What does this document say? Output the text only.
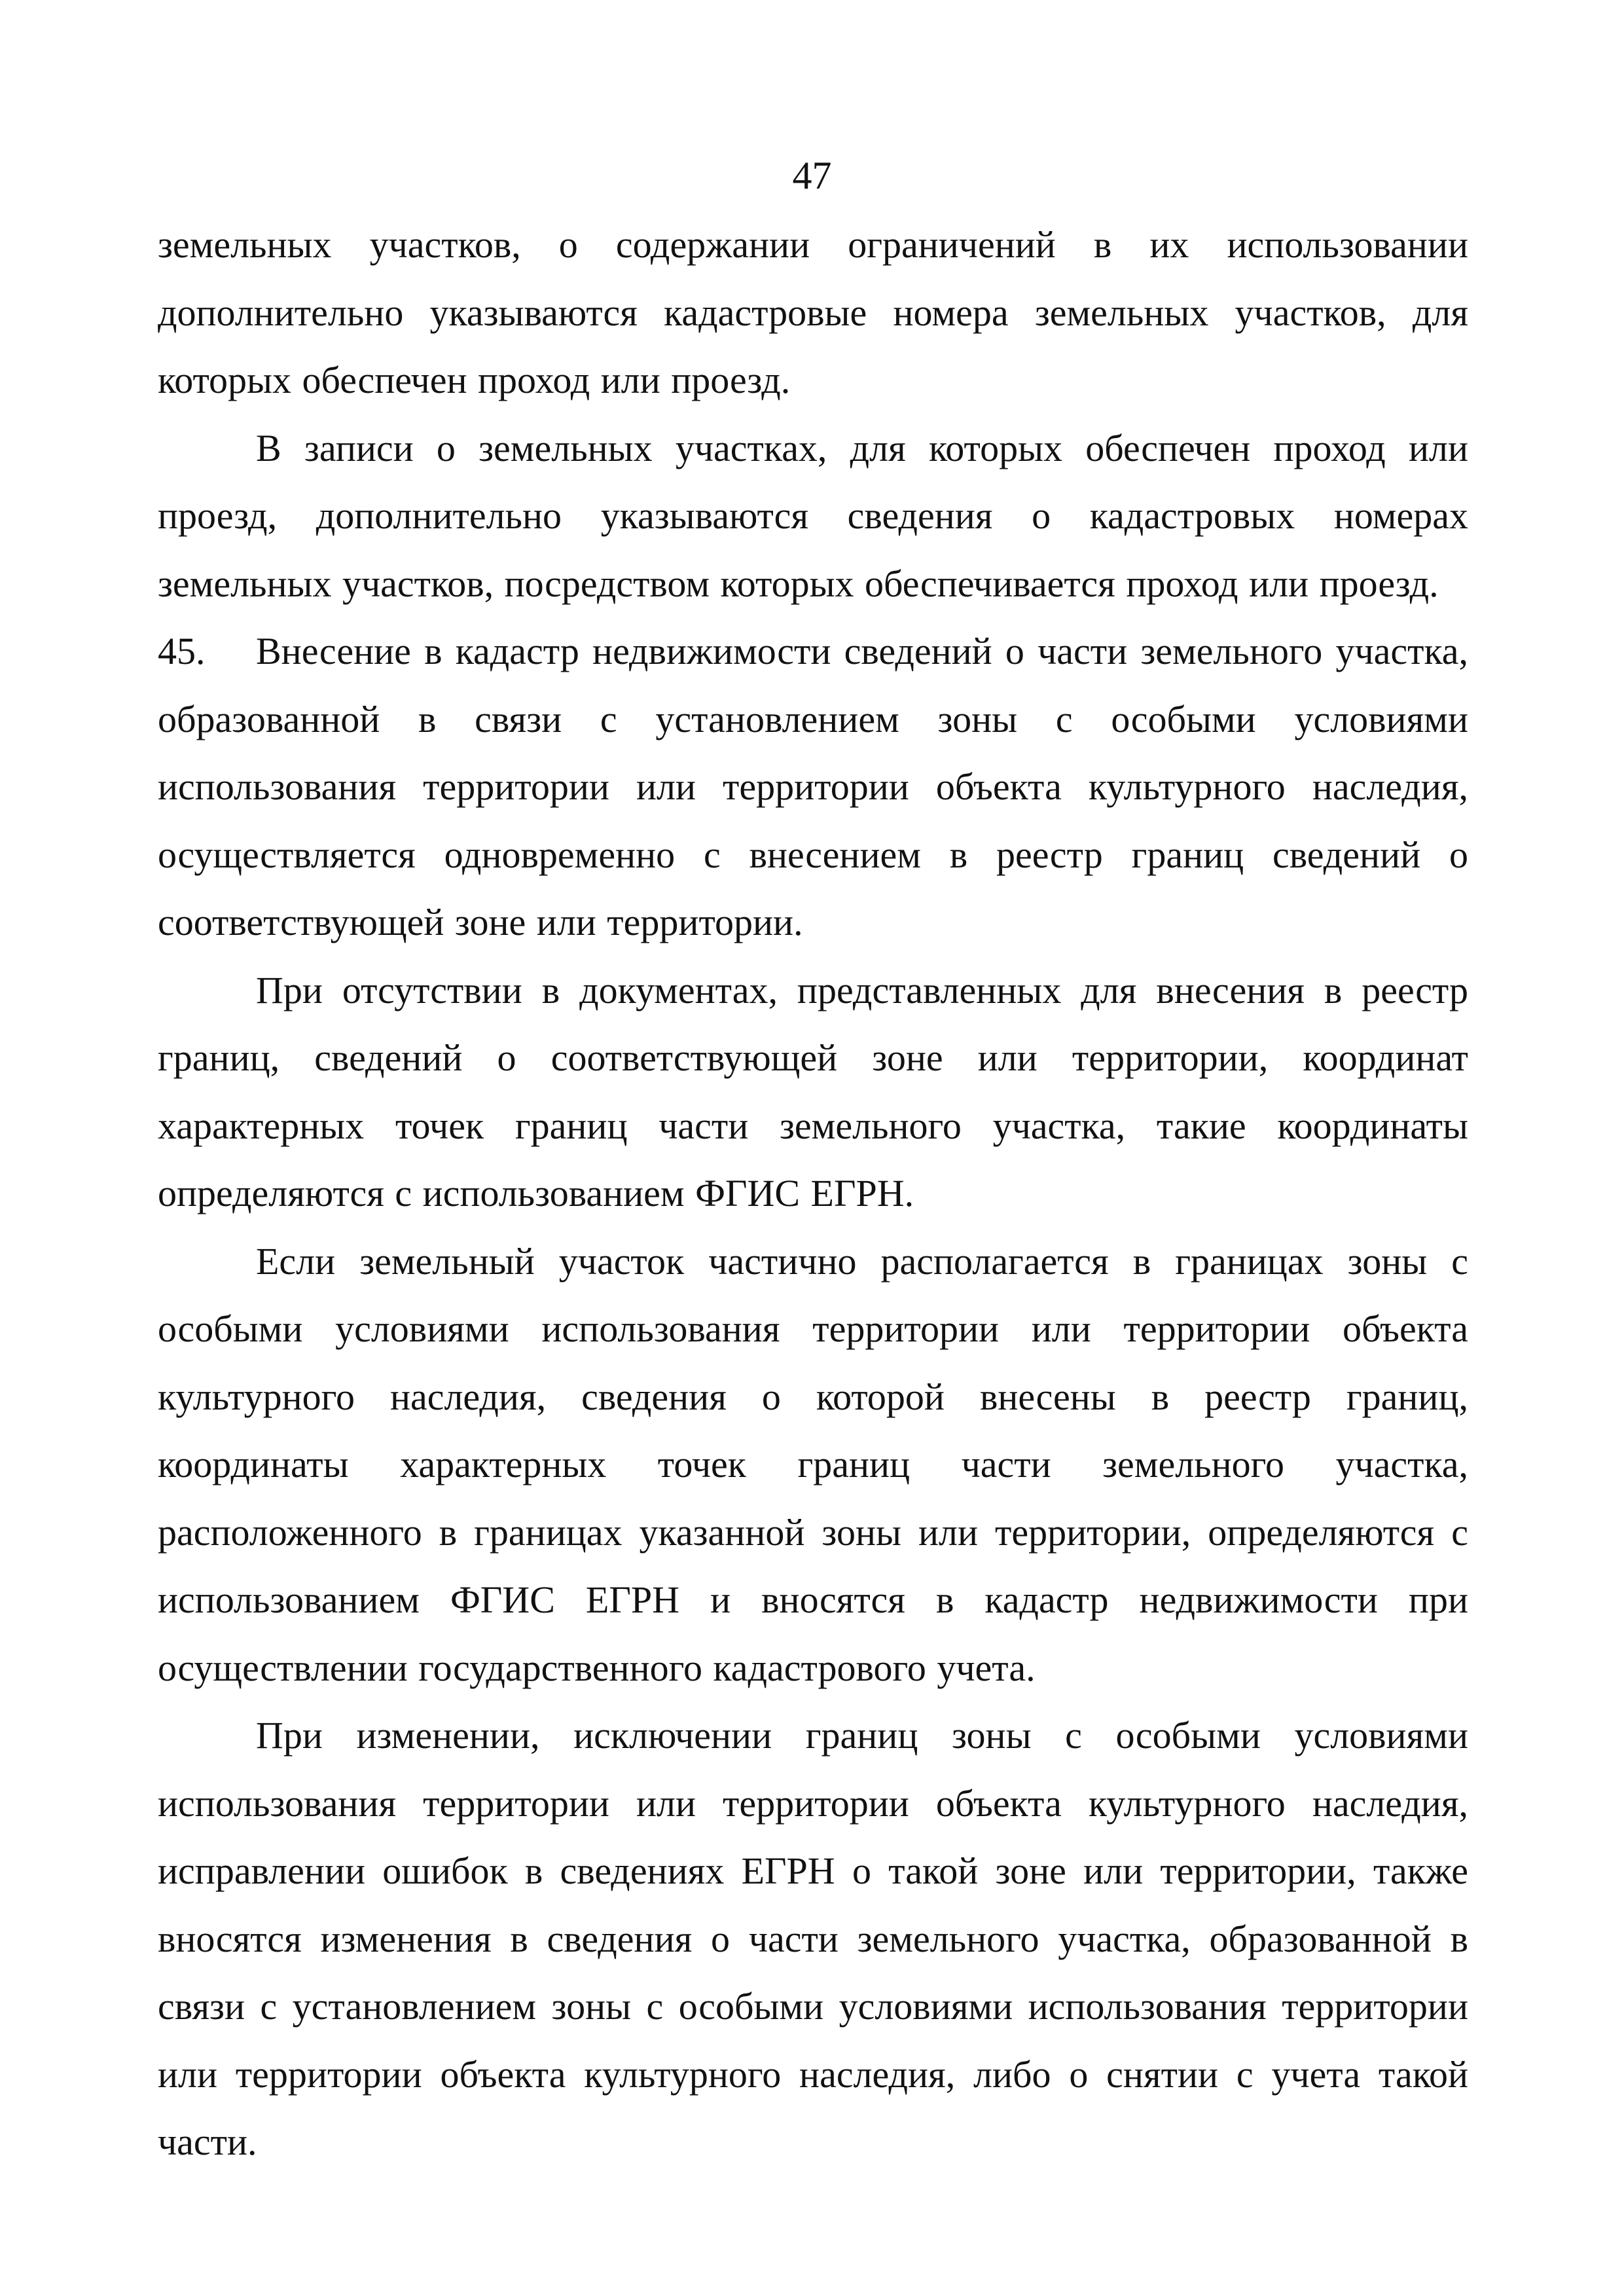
47

земельных участков, о содержании ограничений в их использовании дополнительно указываются кадастровые номера земельных участков, для которых обеспечен проход или проезд.

В записи о земельных участках, для которых обеспечен проход или проезд, дополнительно указываются сведения о кадастровых номерах земельных участков, посредством которых обеспечивается проход или проезд.

45. Внесение в кадастр недвижимости сведений о части земельного участка, образованной в связи с установлением зоны с особыми условиями использования территории или территории объекта культурного наследия, осуществляется одновременно с внесением в реестр границ сведений о соответствующей зоне или территории.

При отсутствии в документах, представленных для внесения в реестр границ, сведений о соответствующей зоне или территории, координат характерных точек границ части земельного участка, такие координаты определяются с использованием ФГИС ЕГРН.

Если земельный участок частично располагается в границах зоны с особыми условиями использования территории или территории объекта культурного наследия, сведения о которой внесены в реестр границ, координаты характерных точек границ части земельного участка, расположенного в границах указанной зоны или территории, определяются с использованием ФГИС ЕГРН и вносятся в кадастр недвижимости при осуществлении государственного кадастрового учета.

При изменении, исключении границ зоны с особыми условиями использования территории или территории объекта культурного наследия, исправлении ошибок в сведениях ЕГРН о такой зоне или территории, также вносятся изменения в сведения о части земельного участка, образованной в связи с установлением зоны с особыми условиями использования территории или территории объекта культурного наследия, либо о снятии с учета такой части.
